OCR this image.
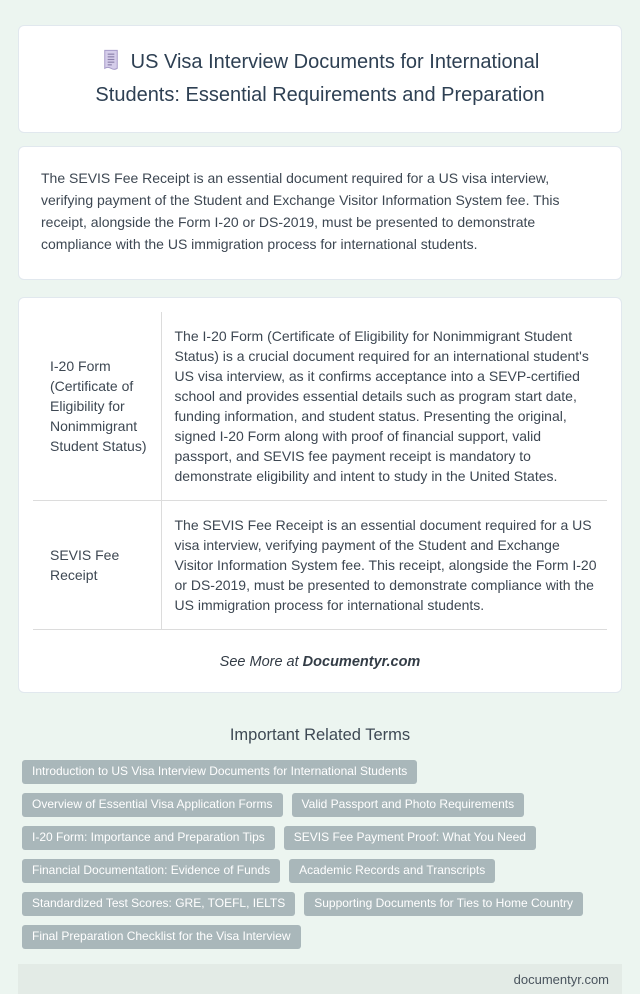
US Visa Interview Documents for International Students: Essential Requirements and Preparation

The SEVIS Fee Receipt is an essential document required for a US visa interview, verifying payment of the Student and Exchange Visitor Information System fee. This receipt, alongside the Form I-20 or DS-2019, must be presented to demonstrate compliance with the US immigration process for international students.

I-20 Form (Certificate of Eligibility for Nonimmigrant Student Status)	The I-20 Form (Certificate of Eligibility for Nonimmigrant Student Status) is a crucial document required for an international student's US visa interview, as it confirms acceptance into a SEVP-certified school and provides essential details such as program start date, funding information, and student status. Presenting the original, signed I-20 Form along with proof of financial support, valid passport, and SEVIS fee payment receipt is mandatory to demonstrate eligibility and intent to study in the United States.
SEVIS Fee Receipt	The SEVIS Fee Receipt is an essential document required for a US visa interview, verifying payment of the Student and Exchange Visitor Information System fee. This receipt, alongside the Form I-20 or DS-2019, must be presented to demonstrate compliance with the US immigration process for international students.
See More at Documentyr.com
Important Related Terms
Introduction to US Visa Interview Documents for International Students
Overview of Essential Visa Application Forms	Valid Passport and Photo Requirements
I-20 Form: Importance and Preparation Tips	SEVIS Fee Payment Proof: What You Need
Financial Documentation: Evidence of Funds	Academic Records and Transcripts
Standardized Test Scores: GRE, TOEFL, IELTS	Supporting Documents for Ties to Home Country
Final Preparation Checklist for the Visa Interview
documentyr.com
